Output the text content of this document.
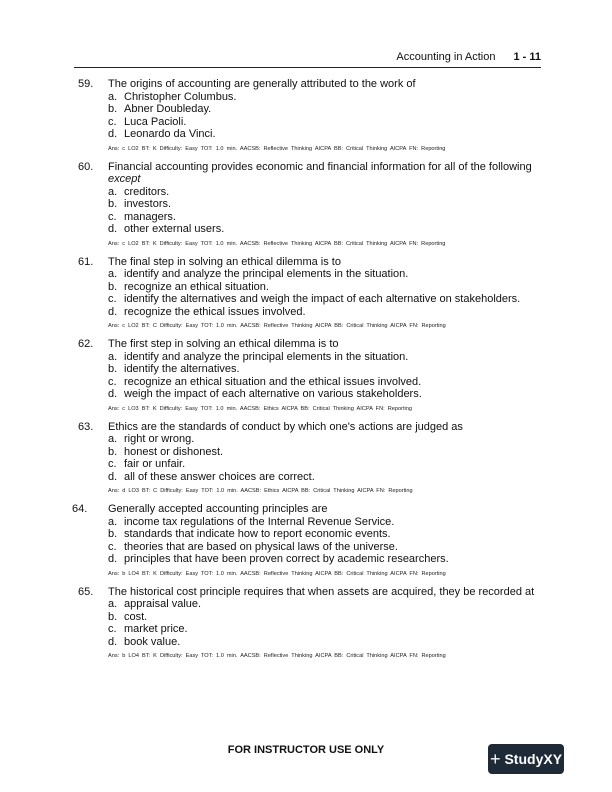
Accounting in Action 1 - 11
59.	The origins of accounting are generally attributed to the work of
a. Christopher Columbus.
b. Abner Doubleday.
c. Luca Pacioli.
d. Leonardo da Vinci.
Ans: c LO2 BT: K Difficulty: Easy TOT: 1.0 min. AACSB: Reflective Thinking AICPA BB: Critical Thinking AICPA FN: Reporting
60.	Financial accounting provides economic and financial information for all of the following
except
a. creditors.
b. investors.
c. managers.
d. other external users.
Ans: c LO2 BT: K Difficulty: Easy TOT: 1.0 min. AACSB: Reflective Thinking AICPA BB: Critical Thinking AICPA FN: Reporting
61.	The final step in solving an ethical dilemma is to
a. identify and analyze the principal elements in the situation.
b. recognize an ethical situation.
c. identify the alternatives and weigh the impact of each alternative on stakeholders.
d. recognize the ethical issues involved.
Ans: c LO2 BT: C Difficulty: Easy TOT: 1.0 min. AACSB: Reflective Thinking AICPA BB: Critical Thinking AICPA FN: Reporting
62.	The first step in solving an ethical dilemma is to
a. identify and analyze the principal elements in the situation.
b. identify the alternatives.
c. recognize an ethical situation and the ethical issues involved.
d. weigh the impact of each alternative on various stakeholders.
Ans: c LO3 BT: K Difficulty: Easy TOT: 1.0 min. AACSB: Ethics AICPA BB: Critical Thinking AICPA FN: Reporting
63.	Ethics are the standards of conduct by which one's actions are judged as
a. right or wrong.
b. honest or dishonest.
c. fair or unfair.
d. all of these answer choices are correct.
Ans: d LO3 BT: C Difficulty: Easy TOT: 1.0 min. AACSB: Ethics AICPA BB: Critical Thinking AICPA FN: Reporting
64.	Generally accepted accounting principles are
a. income tax regulations of the Internal Revenue Service.
b. standards that indicate how to report economic events.
c. theories that are based on physical laws of the universe.
d. principles that have been proven correct by academic researchers.
Ans: b LO4 BT: K Difficulty: Easy TOT: 1.0 min. AACSB: Reflective Thinking AICPA BB: Critical Thinking AICPA FN: Reporting
65.	The historical cost principle requires that when assets are acquired, they be recorded at
a. appraisal value.
b. cost.
c. market price.
d. book value.
Ans: b LO4 BT: K Difficulty: Easy TOT: 1.0 min. AACSB: Reflective Thinking AICPA BB: Critical Thinking AICPA FN: Reporting
FOR INSTRUCTOR USE ONLY	+ StudyXY
